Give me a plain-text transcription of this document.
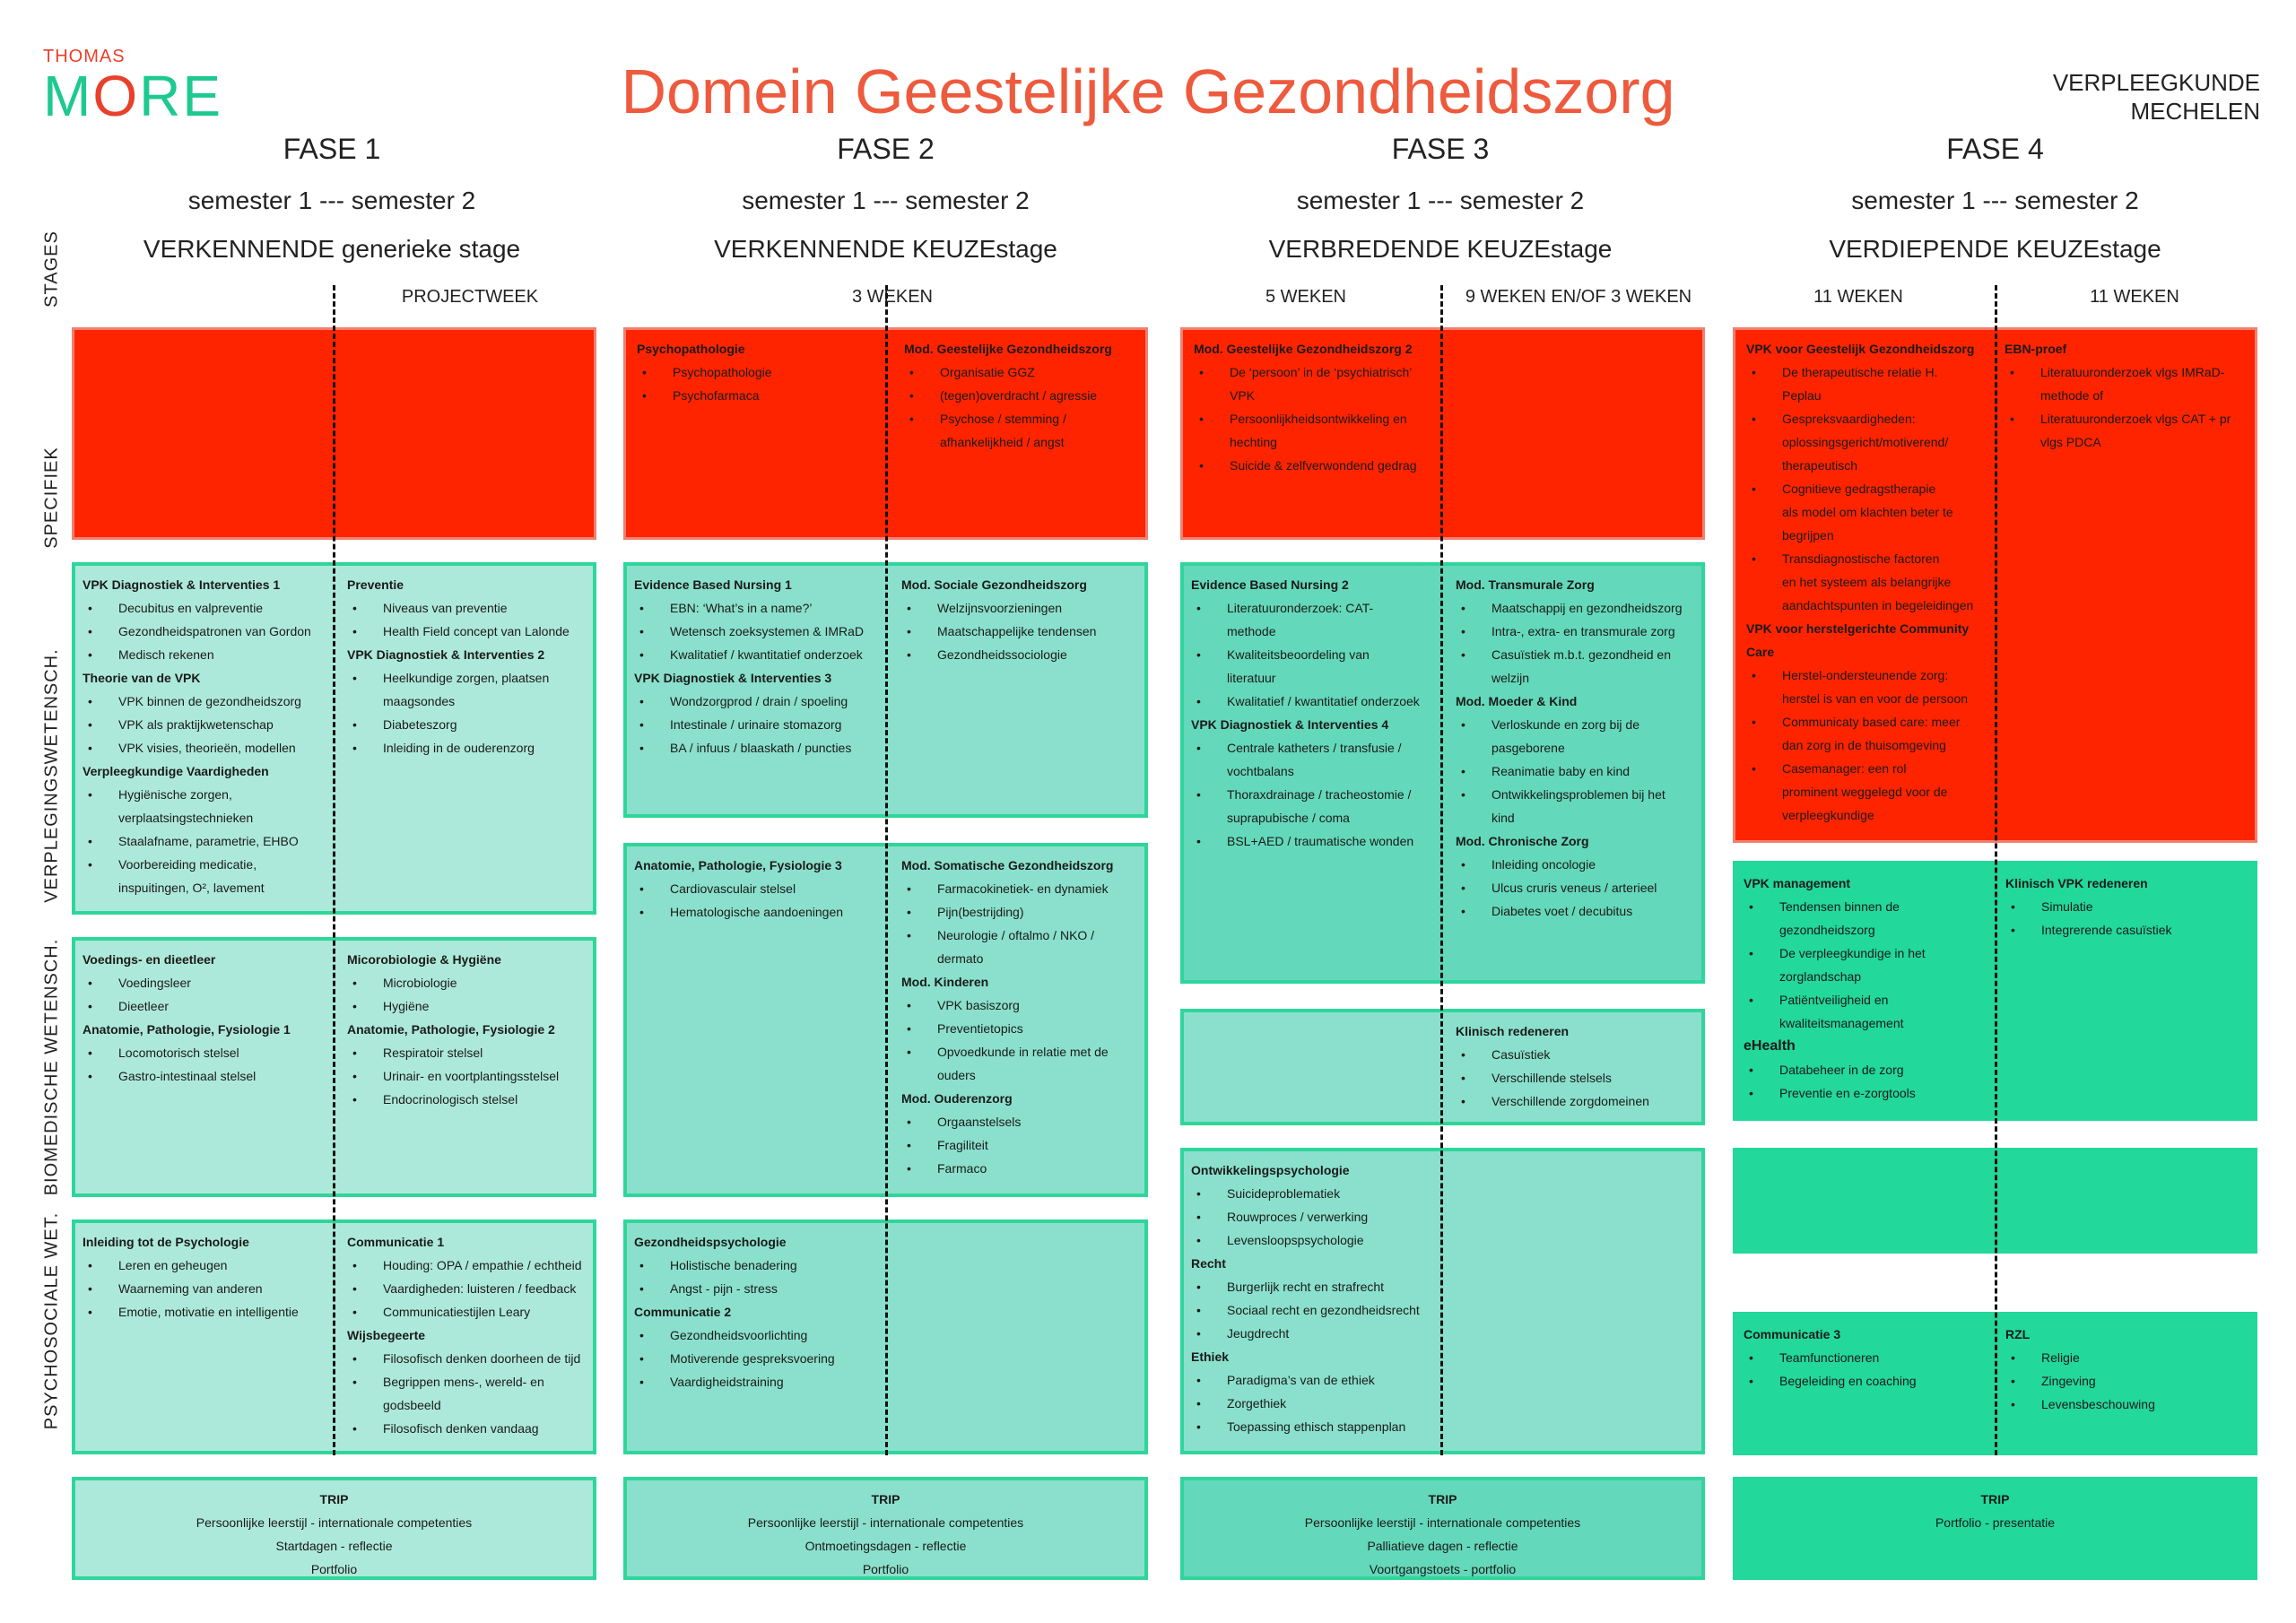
THOMAS
MORE	Domein Geestelijke Gezondheidszorg	VERPLEEGKUNDE
MECHELEN
FASE 1	FASE 2	FASE 3	FASE 4
semester 1 --- semester 2	semester 1 --- semester 2	semester 1 --- semester 2	semester 1 --- semester 2
VERKENNENDE generieke stage	VERKENNENDE KEUZEstage	VERBREDENDE KEUZEstage	VERDIEPENDE KEUZEstage
PROJECTWEEK	3 WEKEN	5 WEKEN	9 WEKEN EN/OF 3 WEKEN	11 WEKEN	11 WEKEN
STAGES
SPECIFIEK
VERPLEGINGSWETENSCH.
BIOMEDISCHE WETENSCH.
PSYCHOSOCIALE WET.
Psychopathologie
• Psychopathologie
• Psychofarmaca
Mod. Geestelijke Gezondheidszorg
• Organisatie GGZ
• (tegen)overdracht / agressie
• Psychose / stemming /
afhankelijkheid / angst
Mod. Geestelijke Gezondheidszorg 2
• De ‘persoon’ in de ‘psychiatrisch’
VPK
• Persoonlijkheidsontwikkeling en
hechting
• Suicide & zelfverwondend gedrag
VPK voor Geestelijk Gezondheidszorg
• De therapeutische relatie H.
Peplau
• Gespreksvaardigheden:
oplossingsgericht/motiverend/
therapeutisch
• Cognitieve gedragstherapie
als model om klachten beter te
begrijpen
• Transdiagnostische factoren
en het systeem als belangrijke
aandachtspunten in begeleidingen
VPK voor herstelgerichte Community
Care
• Herstel-ondersteunende zorg:
herstel is van en voor de persoon
• Communicaty based care: meer
dan zorg in de thuisomgeving
• Casemanager: een rol
prominent weggelegd voor de
verpleegkundige
EBN-proef
• Literatuuronderzoek vlgs IMRaD-
methode of
• Literatuuronderzoek vlgs CAT + pr
vlgs PDCA
VPK Diagnostiek & Interventies 1
• Decubitus en valpreventie
• Gezondheidspatronen van Gordon
• Medisch rekenen
Theorie van de VPK
• VPK binnen de gezondheidszorg
• VPK als praktijkwetenschap
• VPK visies, theorieën, modellen
Verpleegkundige Vaardigheden
• Hygiënische zorgen,
verplaatsingstechnieken
• Staalafname, parametrie, EHBO
• Voorbereiding medicatie,
inspuitingen, O², lavement
Preventie
• Niveaus van preventie
• Health Field concept van Lalonde
VPK Diagnostiek & Interventies 2
• Heelkundige zorgen, plaatsen
maagsondes
• Diabeteszorg
• Inleiding in de ouderenzorg
Evidence Based Nursing 1
• EBN: ‘What’s in a name?’
• Wetensch zoeksystemen & IMRaD
• Kwalitatief / kwantitatief onderzoek
VPK Diagnostiek & Interventies 3
• Wondzorgprod / drain / spoeling
• Intestinale / urinaire stomazorg
• BA / infuus / blaaskath / puncties
Mod. Sociale Gezondheidszorg
• Welzijnsvoorzieningen
• Maatschappelijke tendensen
• Gezondheidssociologie
Evidence Based Nursing 2
• Literatuuronderzoek: CAT-
methode
• Kwaliteitsbeoordeling van
literatuur
• Kwalitatief / kwantitatief onderzoek
VPK Diagnostiek & Interventies 4
• Centrale katheters / transfusie /
vochtbalans
• Thoraxdrainage / tracheostomie /
suprapubische / coma
• BSL+AED / traumatische wonden
Mod. Transmurale Zorg
• Maatschappij en gezondheidszorg
• Intra-, extra- en transmurale zorg
• Casuïstiek m.b.t. gezondheid en
welzijn
Mod. Moeder & Kind
• Verloskunde en zorg bij de
pasgeborene
• Reanimatie baby en kind
• Ontwikkelingsproblemen bij het
kind
Mod. Chronische Zorg
• Inleiding oncologie
• Ulcus cruris veneus / arterieel
• Diabetes voet / decubitus
VPK management
• Tendensen binnen de
gezondheidszorg
• De verpleegkundige in het
zorglandschap
• Patiëntveiligheid en
kwaliteitsmanagement
eHealth
• Databeheer in de zorg
• Preventie en e-zorgtools
Klinisch VPK redeneren
• Simulatie
• Integrerende casuïstiek
Voedings- en dieetleer
• Voedingsleer
• Dieetleer
Anatomie, Pathologie, Fysiologie 1
• Locomotorisch stelsel
• Gastro-intestinaal stelsel
Micorobiologie & Hygiëne
• Microbiologie
• Hygiëne
Anatomie, Pathologie, Fysiologie 2
• Respiratoir stelsel
• Urinair- en voortplantingsstelsel
• Endocrinologisch stelsel
Anatomie, Pathologie, Fysiologie 3
• Cardiovasculair stelsel
• Hematologische aandoeningen
Mod. Somatische Gezondheidszorg
• Farmacokinetiek- en dynamiek
• Pijn(bestrijding)
• Neurologie / oftalmo / NKO /
dermato
Mod. Kinderen
• VPK basiszorg
• Preventietopics
• Opvoedkunde in relatie met de
ouders
Mod. Ouderenzorg
• Orgaanstelsels
• Fragiliteit
• Farmaco
Klinisch redeneren
• Casuïstiek
• Verschillende stelsels
• Verschillende zorgdomeinen
Inleiding tot de Psychologie
• Leren en geheugen
• Waarneming van anderen
• Emotie, motivatie en intelligentie
Communicatie 1
• Houding: OPA / empathie / echtheid
• Vaardigheden: luisteren / feedback
• Communicatiestijlen Leary
Wijsbegeerte
• Filosofisch denken doorheen de tijd
• Begrippen mens-, wereld- en
godsbeeld
• Filosofisch denken vandaag
Gezondheidspsychologie
• Holistische benadering
• Angst - pijn - stress
Communicatie 2
• Gezondheidsvoorlichting
• Motiverende gespreksvoering
• Vaardigheidstraining
Ontwikkelingspsychologie
• Suicideproblematiek
• Rouwproces / verwerking
• Levensloopspsychologie
Recht
• Burgerlijk recht en strafrecht
• Sociaal recht en gezondheidsrecht
• Jeugdrecht
Ethiek
• Paradigma’s van de ethiek
• Zorgethiek
• Toepassing ethisch stappenplan
Communicatie 3
• Teamfunctioneren
• Begeleiding en coaching
RZL
• Religie
• Zingeving
• Levensbeschouwing
TRIP
Persoonlijke leerstijl - internationale competenties
Startdagen - reflectie
Portfolio
TRIP
Persoonlijke leerstijl - internationale competenties
Ontmoetingsdagen - reflectie
Portfolio
TRIP
Persoonlijke leerstijl - internationale competenties
Palliatieve dagen - reflectie
Voortgangstoets - portfolio
TRIP
Portfolio - presentatie
